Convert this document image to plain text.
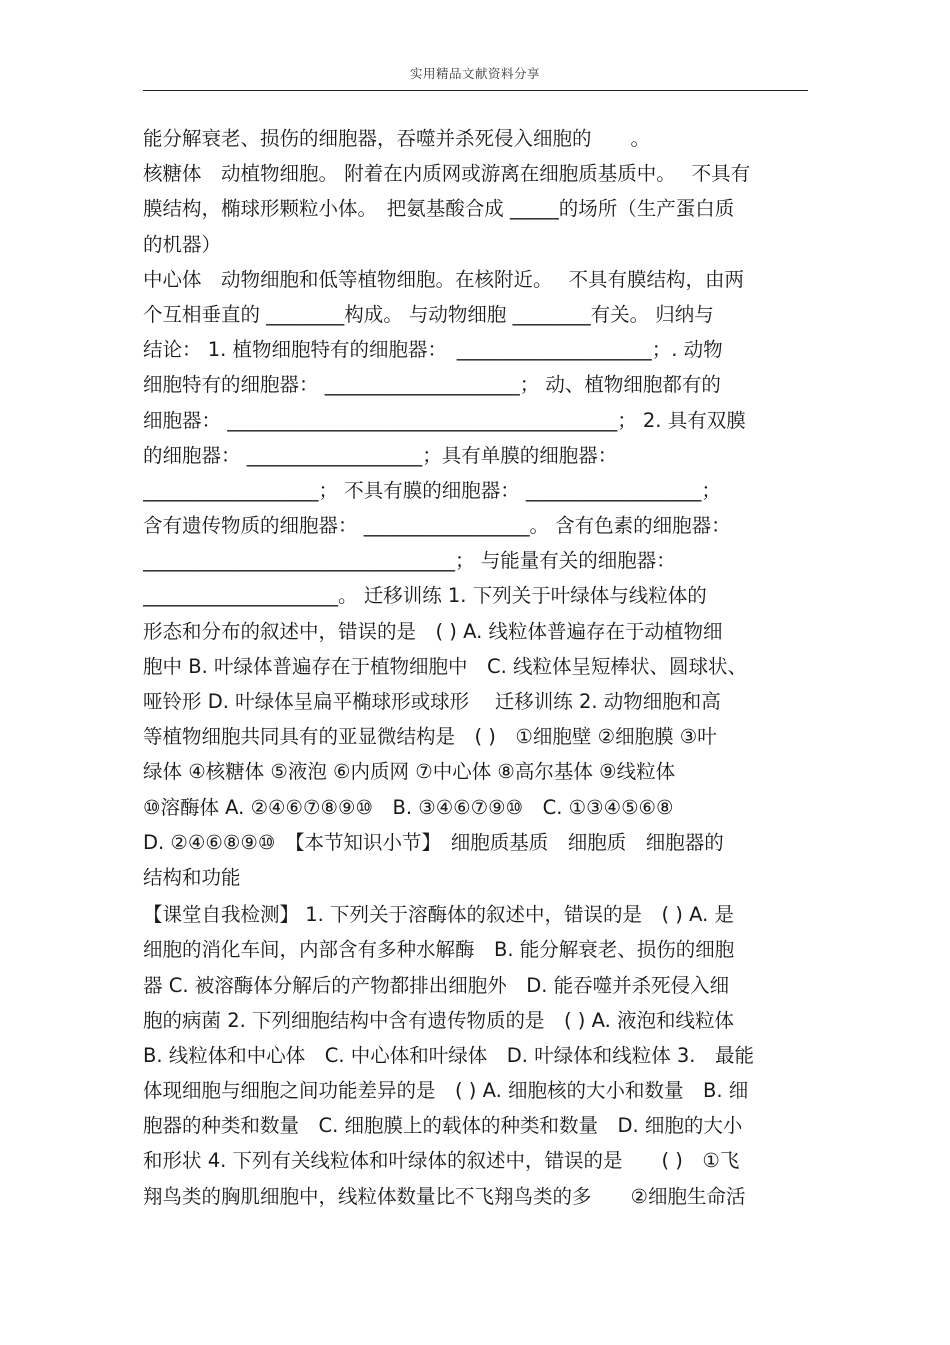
实用精品文献资料分享
能分解衰老、损伤的细胞器，吞噬并杀死侵入细胞的　　。
核糖体　动植物细胞。 附着在内质网或游离在细胞质基质中。　 不具有
膜结构，椭球形颗粒小体。　把氨基酸合成 _____的场所（生产蛋白质
的机器）
中心体　动物细胞和低等植物细胞。在核附近。　 不具有膜结构，由两
个互相垂直的 ________构成。 与动物细胞 ________有关。 归纳与
结论： 1. 植物细胞特有的细胞器：　____________________；. 动物
细胞特有的细胞器： ____________________； 动、植物细胞都有的
细胞器： ________________________________________； 2. 具有双膜
的细胞器： __________________；具有单膜的细胞器：
__________________； 不具有膜的细胞器： __________________；
含有遗传物质的细胞器： _________________。 含有色素的细胞器：
________________________________； 与能量有关的细胞器：
____________________。 迁移训练 1. 下列关于叶绿体与线粒体的
形态和分布的叙述中，错误的是　( ) A. 线粒体普遍存在于动植物细
胞中 B. 叶绿体普遍存在于植物细胞中　C. 线粒体呈短棒状、圆球状、
哑铃形 D. 叶绿体呈扁平椭球形或球形　 迁移训练 2. 动物细胞和高
等植物细胞共同具有的亚显微结构是　( )　①细胞壁 ②细胞膜 ③叶
绿体 ④核糖体 ⑤液泡 ⑥内质网 ⑦中心体 ⑧高尔基体 ⑨线粒体
⑩溶酶体 A. ②④⑥⑦⑧⑨⑩　B. ③④⑥⑦⑨⑩　C. ①③④⑤⑥⑧
D. ②④⑥⑧⑨⑩　【本节知识小节】　细胞质基质　细胞质　细胞器的
结构和功能
【课堂自我检测】 1. 下列关于溶酶体的叙述中，错误的是　( ) A. 是
细胞的消化车间，内部含有多种水解酶　B. 能分解衰老、损伤的细胞
器 C. 被溶酶体分解后的产物都排出细胞外　D. 能吞噬并杀死侵入细
胞的病菌 2. 下列细胞结构中含有遗传物质的是　( ) A. 液泡和线粒体
B. 线粒体和中心体　C. 中心体和叶绿体　D. 叶绿体和线粒体 3.　最能
体现细胞与细胞之间功能差异的是　( ) A. 细胞核的大小和数量　B. 细
胞器的种类和数量　C. 细胞膜上的载体的种类和数量　D. 细胞的大小
和形状 4. 下列有关线粒体和叶绿体的叙述中，错误的是　　( )　①飞
翔鸟类的胸肌细胞中，线粒体数量比不飞翔鸟类的多　　②细胞生命活
